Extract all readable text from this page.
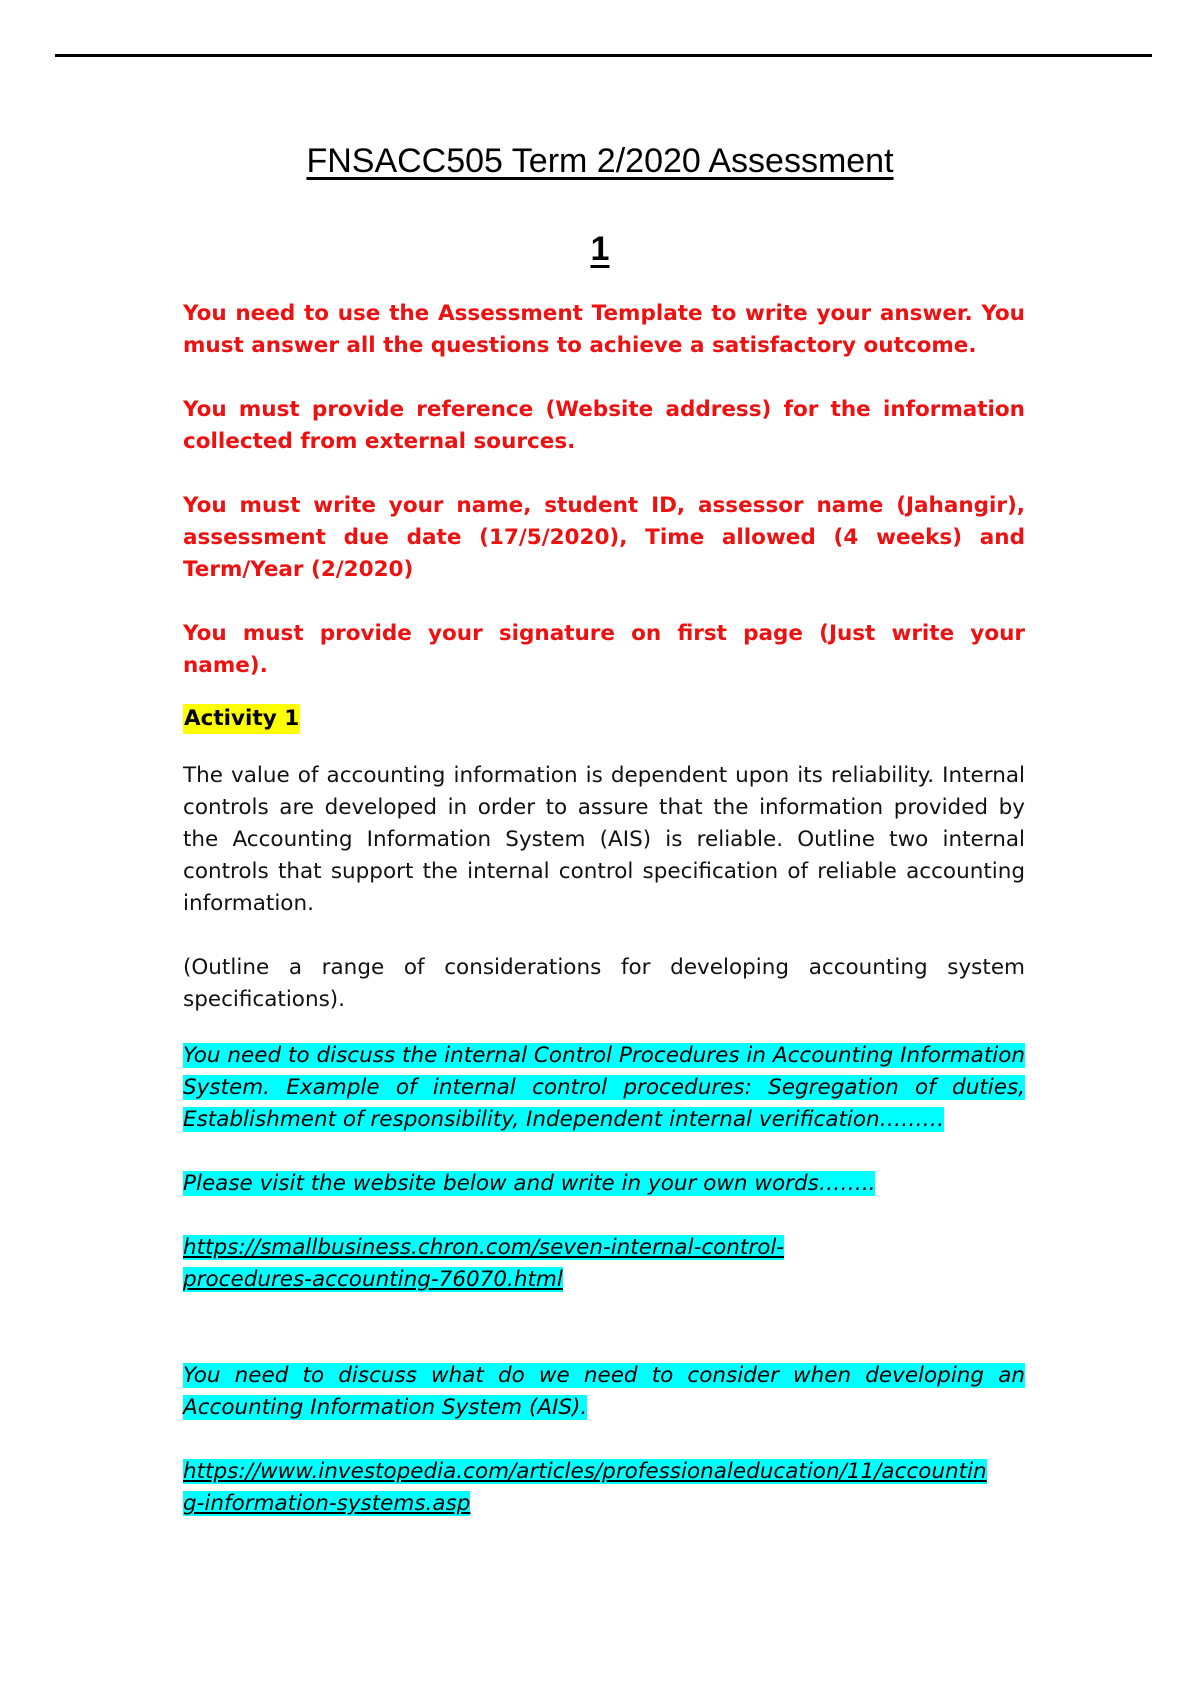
FNSACC505 Term 2/2020 Assessment
1

You need to use the Assessment Template to write your answer. You must answer all the questions to achieve a satisfactory outcome.

You must provide reference (Website address) for the information collected from external sources.

You must write your name, student ID, assessor name (Jahangir), assessment due date (17/5/2020), Time allowed (4 weeks) and Term/Year (2/2020)

You must provide your signature on first page (Just write your name).

Activity 1

The value of accounting information is dependent upon its reliability. Internal controls are developed in order to assure that the information provided by the Accounting Information System (AIS) is reliable. Outline two internal controls that support the internal control specification of reliable accounting information.

(Outline a range of considerations for developing accounting system specifications).

You need to discuss the internal Control Procedures in Accounting Information System. Example of internal control procedures: Segregation of duties, Establishment of responsibility, Independent internal verification………

Please visit the website below and write in your own words……..

https://smallbusiness.chron.com/seven-internal-control-procedures-accounting-76070.html

You need to discuss what do we need to consider when developing an Accounting Information System (AIS).

https://www.investopedia.com/articles/professionaleducation/11/accounting-information-systems.asp
